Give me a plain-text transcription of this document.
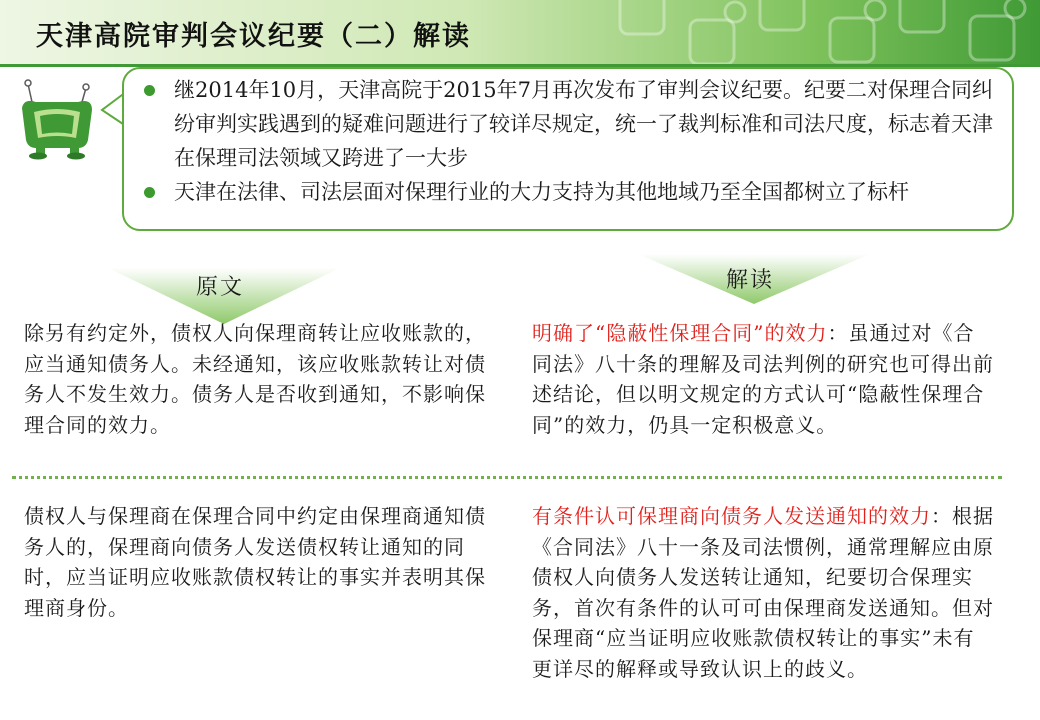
天津高院审判会议纪要（二）解读
继2014年10月，天津高院于2015年7月再次发布了审判会议纪要。纪要二对保理合同纠纷审判实践遇到的疑难问题进行了较详尽规定，统一了裁判标准和司法尺度，标志着天津在保理司法领域又跨进了一大步
天津在法律、司法层面对保理行业的大力支持为其他地域乃至全国都树立了标杆
原文	解读
除另有约定外，债权人向保理商转让应收账款的，应当通知债务人。未经通知，该应收账款转让对债务人不发生效力。债务人是否收到通知，不影响保理合同的效力。
明确了“隐蔽性保理合同”的效力：虽通过对《合同法》八十条的理解及司法判例的研究也可得出前述结论，但以明文规定的方式认可“隐蔽性保理合同”的效力，仍具一定积极意义。
债权人与保理商在保理合同中约定由保理商通知债务人的，保理商向债务人发送债权转让通知的同时，应当证明应收账款债权转让的事实并表明其保理商身份。
有条件认可保理商向债务人发送通知的效力：根据《合同法》八十一条及司法惯例，通常理解应由原债权人向债务人发送转让通知，纪要切合保理实务，首次有条件的认可可由保理商发送通知。但对保理商“应当证明应收账款债权转让的事实”未有更详尽的解释或导致认识上的歧义。
